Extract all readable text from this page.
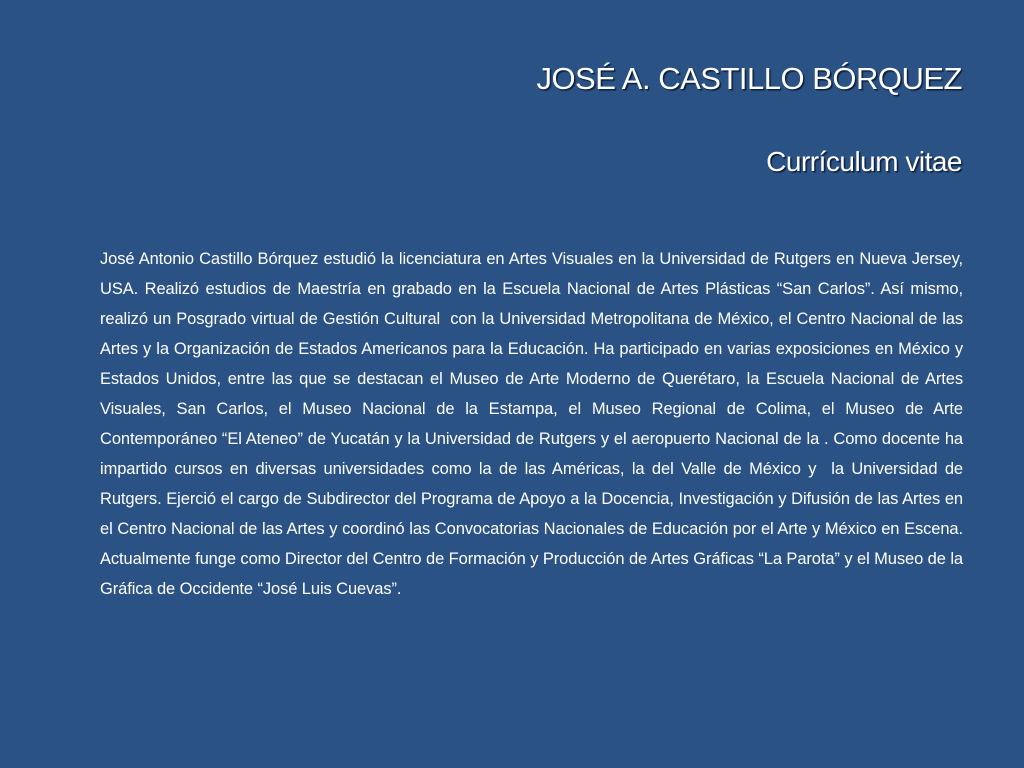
JOSÉ A. CASTILLO BÓRQUEZ
Currículum vitae

José Antonio Castillo Bórquez estudió la licenciatura en Artes Visuales en la Universidad de Rutgers en Nueva Jersey, USA. Realizó estudios de Maestría en grabado en la Escuela Nacional de Artes Plásticas “San Carlos”. Así mismo, realizó un Posgrado virtual de Gestión Cultural  con la Universidad Metropolitana de México, el Centro Nacional de las Artes y la Organización de Estados Americanos para la Educación. Ha participado en varias exposiciones en México y Estados Unidos, entre las que se destacan el Museo de Arte Moderno de Querétaro, la Escuela Nacional de Artes Visuales, San Carlos, el Museo Nacional de la Estampa, el Museo Regional de Colima, el Museo de Arte Contemporáneo “El Ateneo” de Yucatán y la Universidad de Rutgers y el aeropuerto Nacional de la . Como docente ha impartido cursos en diversas universidades como la de las Américas, la del Valle de México y  la Universidad de Rutgers. Ejerció el cargo de Subdirector del Programa de Apoyo a la Docencia, Investigación y Difusión de las Artes en el Centro Nacional de las Artes y coordinó las Convocatorias Nacionales de Educación por el Arte y México en Escena. Actualmente funge como Director del Centro de Formación y Producción de Artes Gráficas “La Parota” y el Museo de la Gráfica de Occidente “José Luis Cuevas”.
